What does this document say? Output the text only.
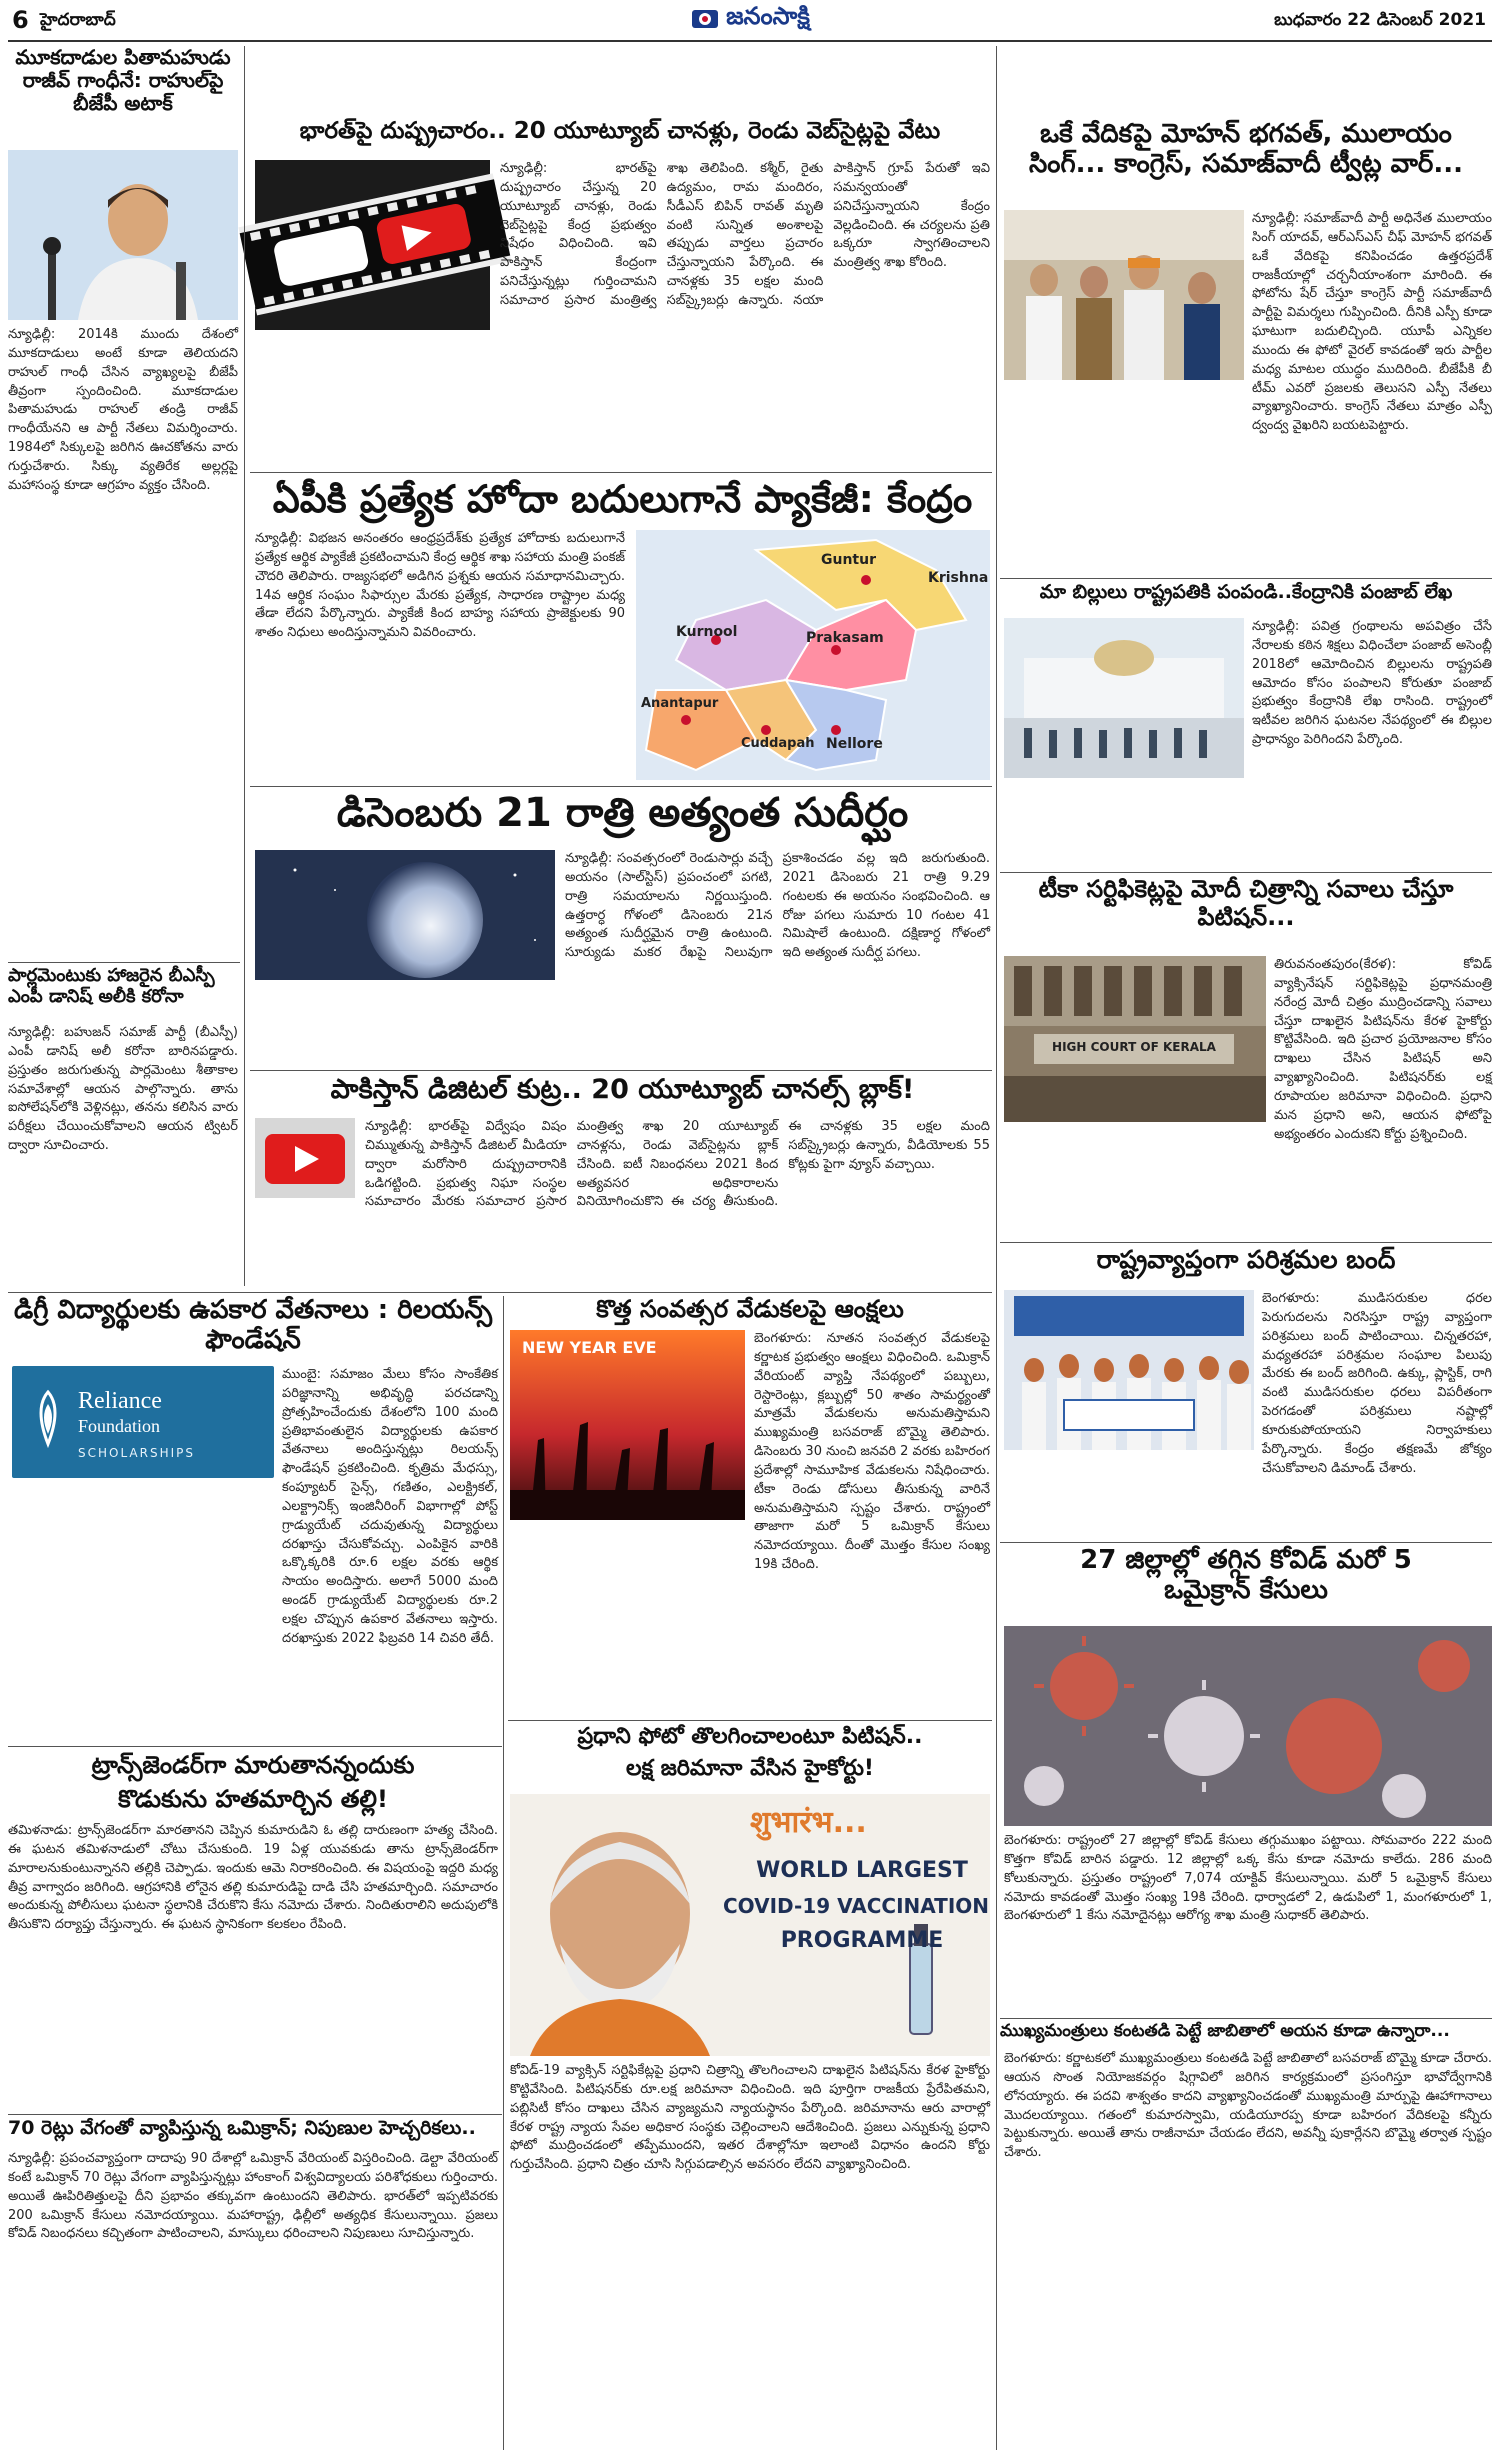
6 హైదరాబాద్	జనంసాక్షి	బుధవారం 22 డిసెంబర్ 2021
మూకదాడుల పితామహుడు రాజీవ్ గాంధీనే: రాహుల్‌పై బీజేపీ అటాక్
న్యూఢిల్లీ: 2014కి ముందు దేశంలో మూకదాడులు అంటే కూడా తెలియదని రాహుల్ గాంధీ చేసిన వ్యాఖ్యలపై బీజేపీ తీవ్రంగా స్పందించింది. మూకదాడుల పితామహుడు రాహుల్ తండ్రి రాజీవ్ గాంధీయేనని ఆ పార్టీ నేతలు విమర్శించారు. 1984లో సిక్కులపై జరిగిన ఊచకోతను వారు గుర్తుచేశారు. సిక్కు వ్యతిరేక అల్లర్లపై మహాసంస్థ కూడా ఆగ్రహం వ్యక్తం చేసింది.
పార్లమెంటుకు హాజరైన బీఎస్పీ ఎంపీ డానిష్ అలీకి కరోనా
న్యూఢిల్లీ: బహుజన్ సమాజ్ పార్టీ (బీఎస్పీ) ఎంపీ డానిష్ అలీ కరోనా బారినపడ్డారు. ప్రస్తుతం జరుగుతున్న పార్లమెంటు శీతాకాల సమావేశాల్లో ఆయన పాల్గొన్నారు. తాను ఐసోలేషన్‌లోకి వెళ్లినట్లు, తనను కలిసిన వారు పరీక్షలు చేయించుకోవాలని ఆయన ట్విటర్ ద్వారా సూచించారు.
భారత్‌పై దుష్ప్రచారం.. 20 యూట్యూబ్ చానళ్లు, రెండు వెబ్‌సైట్లపై వేటు
న్యూఢిల్లీ: భారత్‌పై దుష్ప్రచారం చేస్తున్న 20 యూట్యూబ్ చానళ్లు, రెండు వెబ్‌సైట్లపై కేంద్ర ప్రభుత్వం నిషేధం విధించింది. ఇవి పాకిస్తాన్ కేంద్రంగా పనిచేస్తున్నట్లు గుర్తించామని సమాచార ప్రసార మంత్రిత్వ శాఖ తెలిపింది. కశ్మీర్, రైతు ఉద్యమం, రామ మందిరం, సీడీఎస్ బిపిన్ రావత్ మృతి వంటి సున్నిత అంశాలపై తప్పుడు వార్తలు ప్రచారం చేస్తున్నాయని పేర్కొంది. ఈ చానళ్లకు 35 లక్షల మంది సబ్‌స్క్రైబర్లు ఉన్నారు. నయా పాకిస్తాన్ గ్రూప్ పేరుతో ఇవి సమన్వయంతో పనిచేస్తున్నాయని కేంద్రం వెల్లడించింది. ఈ చర్యలను ప్రతి ఒక్కరూ స్వాగతించాలని మంత్రిత్వ శాఖ కోరింది.
ఏపీకి ప్రత్యేక హోదా బదులుగానే ప్యాకేజీ: కేంద్రం
న్యూఢిల్లీ: విభజన అనంతరం ఆంధ్రప్రదేశ్‌కు ప్రత్యేక హోదాకు బదులుగానే ప్రత్యేక ఆర్థిక ప్యాకేజీ ప్రకటించామని కేంద్ర ఆర్థిక శాఖ సహాయ మంత్రి పంకజ్ చౌదరి తెలిపారు. రాజ్యసభలో అడిగిన ప్రశ్నకు ఆయన సమాధానమిచ్చారు. 14వ ఆర్థిక సంఘం సిఫార్సుల మేరకు ప్రత్యేక, సాధారణ రాష్ట్రాల మధ్య తేడా లేదని పేర్కొన్నారు. ప్యాకేజీ కింద బాహ్య సహాయ ప్రాజెక్టులకు 90 శాతం నిధులు అందిస్తున్నామని వివరించారు.
Guntur
Krishna
Kurnool	Prakasam
Anantapur
Cuddapah Nellore
డిసెంబరు 21 రాత్రి అత్యంత సుదీర్ఘం
న్యూఢిల్లీ: సంవత్సరంలో రెండుసార్లు వచ్చే అయనం (సాల్‌స్టిస్) ప్రపంచంలో పగటి, రాత్రి సమయాలను నిర్ణయిస్తుంది. ఉత్తరార్ధ గోళంలో డిసెంబరు 21న అత్యంత సుదీర్ఘమైన రాత్రి ఉంటుంది. సూర్యుడు మకర రేఖపై నిలువుగా ప్రకాశించడం వల్ల ఇది జరుగుతుంది. 2021 డిసెంబరు 21 రాత్రి 9.29 గంటలకు ఈ అయనం సంభవించింది. ఆ రోజు పగలు సుమారు 10 గంటల 41 నిమిషాలే ఉంటుంది. దక్షిణార్ధ గోళంలో ఇది అత్యంత సుదీర్ఘ పగలు.
పాకిస్తాన్ డిజిటల్ కుట్ర.. 20 యూట్యూబ్ చానల్స్ బ్లాక్!
న్యూఢిల్లీ: భారత్‌పై విద్వేషం విషం చిమ్ముతున్న పాకిస్తాన్ డిజిటల్ మీడియా ద్వారా మరోసారి దుష్ప్రచారానికి ఒడిగట్టింది. ప్రభుత్వ నిఘా సంస్థల సమాచారం మేరకు సమాచార ప్రసార మంత్రిత్వ శాఖ 20 యూట్యూబ్ చానళ్లను, రెండు వెబ్‌సైట్లను బ్లాక్ చేసింది. ఐటీ నిబంధనలు 2021 కింద అత్యవసర అధికారాలను వినియోగించుకొని ఈ చర్య తీసుకుంది. ఈ చానళ్లకు 35 లక్షల మంది సబ్‌స్క్రైబర్లు ఉన్నారు, వీడియోలకు 55 కోట్లకు పైగా వ్యూస్ వచ్చాయి.
డిగ్రీ విద్యార్థులకు ఉపకార వేతనాలు : రిలయన్స్ ఫౌండేషన్
Reliance
Foundation
SCHOLARSHIPS
ముంబై: సమాజం మేలు కోసం సాంకేతిక పరిజ్ఞానాన్ని అభివృద్ధి పరచడాన్ని ప్రోత్సహించేందుకు దేశంలోని 100 మంది ప్రతిభావంతులైన విద్యార్థులకు ఉపకార వేతనాలు అందిస్తున్నట్లు రిలయన్స్ ఫౌండేషన్ ప్రకటించింది. కృత్రిమ మేధస్సు, కంప్యూటర్ సైన్స్, గణితం, ఎలక్ట్రికల్, ఎలక్ట్రానిక్స్ ఇంజినీరింగ్ విభాగాల్లో పోస్ట్ గ్రాడ్యుయేట్ చదువుతున్న విద్యార్థులు దరఖాస్తు చేసుకోవచ్చు. ఎంపికైన వారికి ఒక్కొక్కరికి రూ.6 లక్షల వరకు ఆర్థిక సాయం అందిస్తారు. అలాగే 5000 మంది అండర్ గ్రాడ్యుయేట్ విద్యార్థులకు రూ.2 లక్షల చొప్పున ఉపకార వేతనాలు ఇస్తారు. దరఖాస్తుకు 2022 ఫిబ్రవరి 14 చివరి తేదీ.
ట్రాన్స్‌జెండర్‌గా మారుతానన్నందుకు
కొడుకును హతమార్చిన తల్లి!
తమిళనాడు: ట్రాన్స్‌జెండర్‌గా మారతానని చెప్పిన కుమారుడిని ఓ తల్లి దారుణంగా హత్య చేసింది. ఈ ఘటన తమిళనాడులో చోటు చేసుకుంది. 19 ఏళ్ల యువకుడు తాను ట్రాన్స్‌జెండర్‌గా మారాలనుకుంటున్నానని తల్లికి చెప్పాడు. ఇందుకు ఆమె నిరాకరించింది. ఈ విషయంపై ఇద్దరి మధ్య తీవ్ర వాగ్వాదం జరిగింది. ఆగ్రహానికి లోనైన తల్లి కుమారుడిపై దాడి చేసి హతమార్చింది. సమాచారం అందుకున్న పోలీసులు ఘటనా స్థలానికి చేరుకొని కేసు నమోదు చేశారు. నిందితురాలిని అదుపులోకి తీసుకొని దర్యాప్తు చేస్తున్నారు. ఈ ఘటన స్థానికంగా కలకలం రేపింది.
70 రెట్లు వేగంతో వ్యాపిస్తున్న ఒమిక్రాన్; నిపుణుల హెచ్చరికలు..
న్యూఢిల్లీ: ప్రపంచవ్యాప్తంగా దాదాపు 90 దేశాల్లో ఒమిక్రాన్ వేరియంట్ విస్తరించింది. డెల్టా వేరియంట్ కంటే ఒమిక్రాన్ 70 రెట్లు వేగంగా వ్యాపిస్తున్నట్లు హాంకాంగ్ విశ్వవిద్యాలయ పరిశోధకులు గుర్తించారు. అయితే ఊపిరితిత్తులపై దీని ప్రభావం తక్కువగా ఉంటుందని తెలిపారు. భారత్‌లో ఇప్పటివరకు 200 ఒమిక్రాన్ కేసులు నమోదయ్యాయి. మహారాష్ట్ర, ఢిల్లీలో అత్యధిక కేసులున్నాయి. ప్రజలు కోవిడ్ నిబంధనలు కచ్చితంగా పాటించాలని, మాస్కులు ధరించాలని నిపుణులు సూచిస్తున్నారు.
కొత్త సంవత్సర వేడుకలపై ఆంక్షలు
NEW YEAR EVE	బెంగళూరు: నూతన సంవత్సర వేడుకలపై కర్ణాటక ప్రభుత్వం ఆంక్షలు విధించింది. ఒమిక్రాన్ వేరియంట్ వ్యాప్తి నేపథ్యంలో పబ్బులు, రెస్టారెంట్లు, క్లబ్బుల్లో 50 శాతం సామర్థ్యంతో మాత్రమే వేడుకలను అనుమతిస్తామని ముఖ్యమంత్రి బసవరాజ్ బొమ్మై తెలిపారు. డిసెంబరు 30 నుంచి జనవరి 2 వరకు బహిరంగ ప్రదేశాల్లో సామూహిక వేడుకలను నిషేధించారు. టీకా రెండు డోసులు తీసుకున్న వారినే అనుమతిస్తామని స్పష్టం చేశారు. రాష్ట్రంలో తాజాగా మరో 5 ఒమిక్రాన్ కేసులు నమోదయ్యాయి. దీంతో మొత్తం కేసుల సంఖ్య 19కి చేరింది.
ప్రధాని ఫోటో తొలగించాలంటూ పిటిషన్..
లక్ష జరిమానా వేసిన హైకోర్టు!
शुभारंभ...
WORLD LARGEST
COVID-19 VACCINATION
PROGRAMME
కోవిడ్-19 వ్యాక్సిన్ సర్టిఫికేట్లపై ప్రధాని చిత్రాన్ని తొలగించాలని దాఖలైన పిటిషన్‌ను కేరళ హైకోర్టు కొట్టివేసింది. పిటిషనర్‌కు రూ.లక్ష జరిమానా విధించింది. ఇది పూర్తిగా రాజకీయ ప్రేరేపితమని, పబ్లిసిటీ కోసం దాఖలు చేసిన వ్యాజ్యమని న్యాయస్థానం పేర్కొంది. జరిమానాను ఆరు వారాల్లో కేరళ రాష్ట్ర న్యాయ సేవల అధికార సంస్థకు చెల్లించాలని ఆదేశించింది. ప్రజలు ఎన్నుకున్న ప్రధాని ఫోటో ముద్రించడంలో తప్పేముందని, ఇతర దేశాల్లోనూ ఇలాంటి విధానం ఉందని కోర్టు గుర్తుచేసింది. ప్రధాని చిత్రం చూసి సిగ్గుపడాల్సిన అవసరం లేదని వ్యాఖ్యానించింది.
ఒకే వేదికపై మోహన్ భగవత్, ములాయం సింగ్... కాంగ్రెస్, సమాజ్‌వాదీ ట్వీట్ల వార్...
న్యూఢిల్లీ: సమాజ్‌వాదీ పార్టీ అధినేత ములాయం సింగ్ యాదవ్, ఆర్‌ఎస్‌ఎస్ చీఫ్ మోహన్ భగవత్ ఒకే వేదికపై కనిపించడం ఉత్తరప్రదేశ్ రాజకీయాల్లో చర్చనీయాంశంగా మారింది. ఈ ఫోటోను షేర్ చేస్తూ కాంగ్రెస్ పార్టీ సమాజ్‌వాదీ పార్టీపై విమర్శలు గుప్పించింది. దీనికి ఎస్పీ కూడా ఘాటుగా బదులిచ్చింది. యూపీ ఎన్నికల ముందు ఈ ఫోటో వైరల్ కావడంతో ఇరు పార్టీల మధ్య మాటల యుద్ధం ముదిరింది. బీజేపీకి బీ టీమ్ ఎవరో ప్రజలకు తెలుసని ఎస్పీ నేతలు వ్యాఖ్యానించారు. కాంగ్రెస్ నేతలు మాత్రం ఎస్పీ ద్వంద్వ వైఖరిని బయటపెట్టారు.
మా బిల్లులు రాష్ట్రపతికి పంపండి..కేంద్రానికి పంజాబ్ లేఖ
న్యూఢిల్లీ: పవిత్ర గ్రంథాలను అపవిత్రం చేసే నేరాలకు కఠిన శిక్షలు విధించేలా పంజాబ్ అసెంబ్లీ 2018లో ఆమోదించిన బిల్లులను రాష్ట్రపతి ఆమోదం కోసం పంపాలని కోరుతూ పంజాబ్ ప్రభుత్వం కేంద్రానికి లేఖ రాసింది. రాష్ట్రంలో ఇటీవల జరిగిన ఘటనల నేపథ్యంలో ఈ బిల్లుల ప్రాధాన్యం పెరిగిందని పేర్కొంది.
టీకా సర్టిఫికెట్లపై మోదీ చిత్రాన్ని సవాలు చేస్తూ పిటిషన్...
HIGH COURT OF KERALA
తిరువనంతపురం(కేరళ): కోవిడ్ వ్యాక్సినేషన్ సర్టిఫికెట్లపై ప్రధానమంత్రి నరేంద్ర మోదీ చిత్రం ముద్రించడాన్ని సవాలు చేస్తూ దాఖలైన పిటిషన్‌ను కేరళ హైకోర్టు కొట్టివేసింది. ఇది ప్రచార ప్రయోజనాల కోసం దాఖలు చేసిన పిటిషన్ అని వ్యాఖ్యానించింది. పిటిషనర్‌కు లక్ష రూపాయల జరిమానా విధించింది. ప్రధాని మన ప్రధాని అని, ఆయన ఫోటోపై అభ్యంతరం ఎందుకని కోర్టు ప్రశ్నించింది.
రాష్ట్రవ్యాప్తంగా పరిశ్రమల బంద్
బెంగళూరు: ముడిసరుకుల ధరల పెరుగుదలను నిరసిస్తూ రాష్ట్ర వ్యాప్తంగా పరిశ్రమలు బంద్ పాటించాయి. చిన్నతరహా, మధ్యతరహా పరిశ్రమల సంఘాల పిలుపు మేరకు ఈ బంద్ జరిగింది. ఉక్కు, ప్లాస్టిక్, రాగి వంటి ముడిసరుకుల ధరలు విపరీతంగా పెరగడంతో పరిశ్రమలు నష్టాల్లో కూరుకుపోయాయని నిర్వాహకులు పేర్కొన్నారు. కేంద్రం తక్షణమే జోక్యం చేసుకోవాలని డిమాండ్ చేశారు.
27 జిల్లాల్లో తగ్గిన కోవిడ్ మరో 5 ఒమైక్రాన్ కేసులు
బెంగళూరు: రాష్ట్రంలో 27 జిల్లాల్లో కోవిడ్ కేసులు తగ్గుముఖం పట్టాయి. సోమవారం 222 మంది కొత్తగా కోవిడ్ బారిన పడ్డారు. 12 జిల్లాల్లో ఒక్క కేసు కూడా నమోదు కాలేదు. 286 మంది కోలుకున్నారు. ప్రస్తుతం రాష్ట్రంలో 7,074 యాక్టివ్ కేసులున్నాయి. మరో 5 ఒమైక్రాన్ కేసులు నమోదు కావడంతో మొత్తం సంఖ్య 19కి చేరింది. ధార్వాడలో 2, ఉడుపిలో 1, మంగళూరులో 1, బెంగళూరులో 1 కేసు నమోదైనట్లు ఆరోగ్య శాఖ మంత్రి సుధాకర్ తెలిపారు.
ముఖ్యమంత్రులు కంటతడి పెట్టే జాబితాలో అయన కూడా ఉన్నారా...
బెంగళూరు: కర్ణాటకలో ముఖ్యమంత్రులు కంటతడి పెట్టే జాబితాలో బసవరాజ్ బొమ్మై కూడా చేరారు. ఆయన సొంత నియోజకవర్గం షిగ్గావిలో జరిగిన కార్యక్రమంలో ప్రసంగిస్తూ భావోద్వేగానికి లోనయ్యారు. ఈ పదవి శాశ్వతం కాదని వ్యాఖ్యానించడంతో ముఖ్యమంత్రి మార్పుపై ఊహాగానాలు మొదలయ్యాయి. గతంలో కుమారస్వామి, యడియూరప్ప కూడా బహిరంగ వేదికలపై కన్నీరు పెట్టుకున్నారు. అయితే తాను రాజీనామా చేయడం లేదని, అవన్నీ పుకార్లేనని బొమ్మై తర్వాత స్పష్టం చేశారు.
